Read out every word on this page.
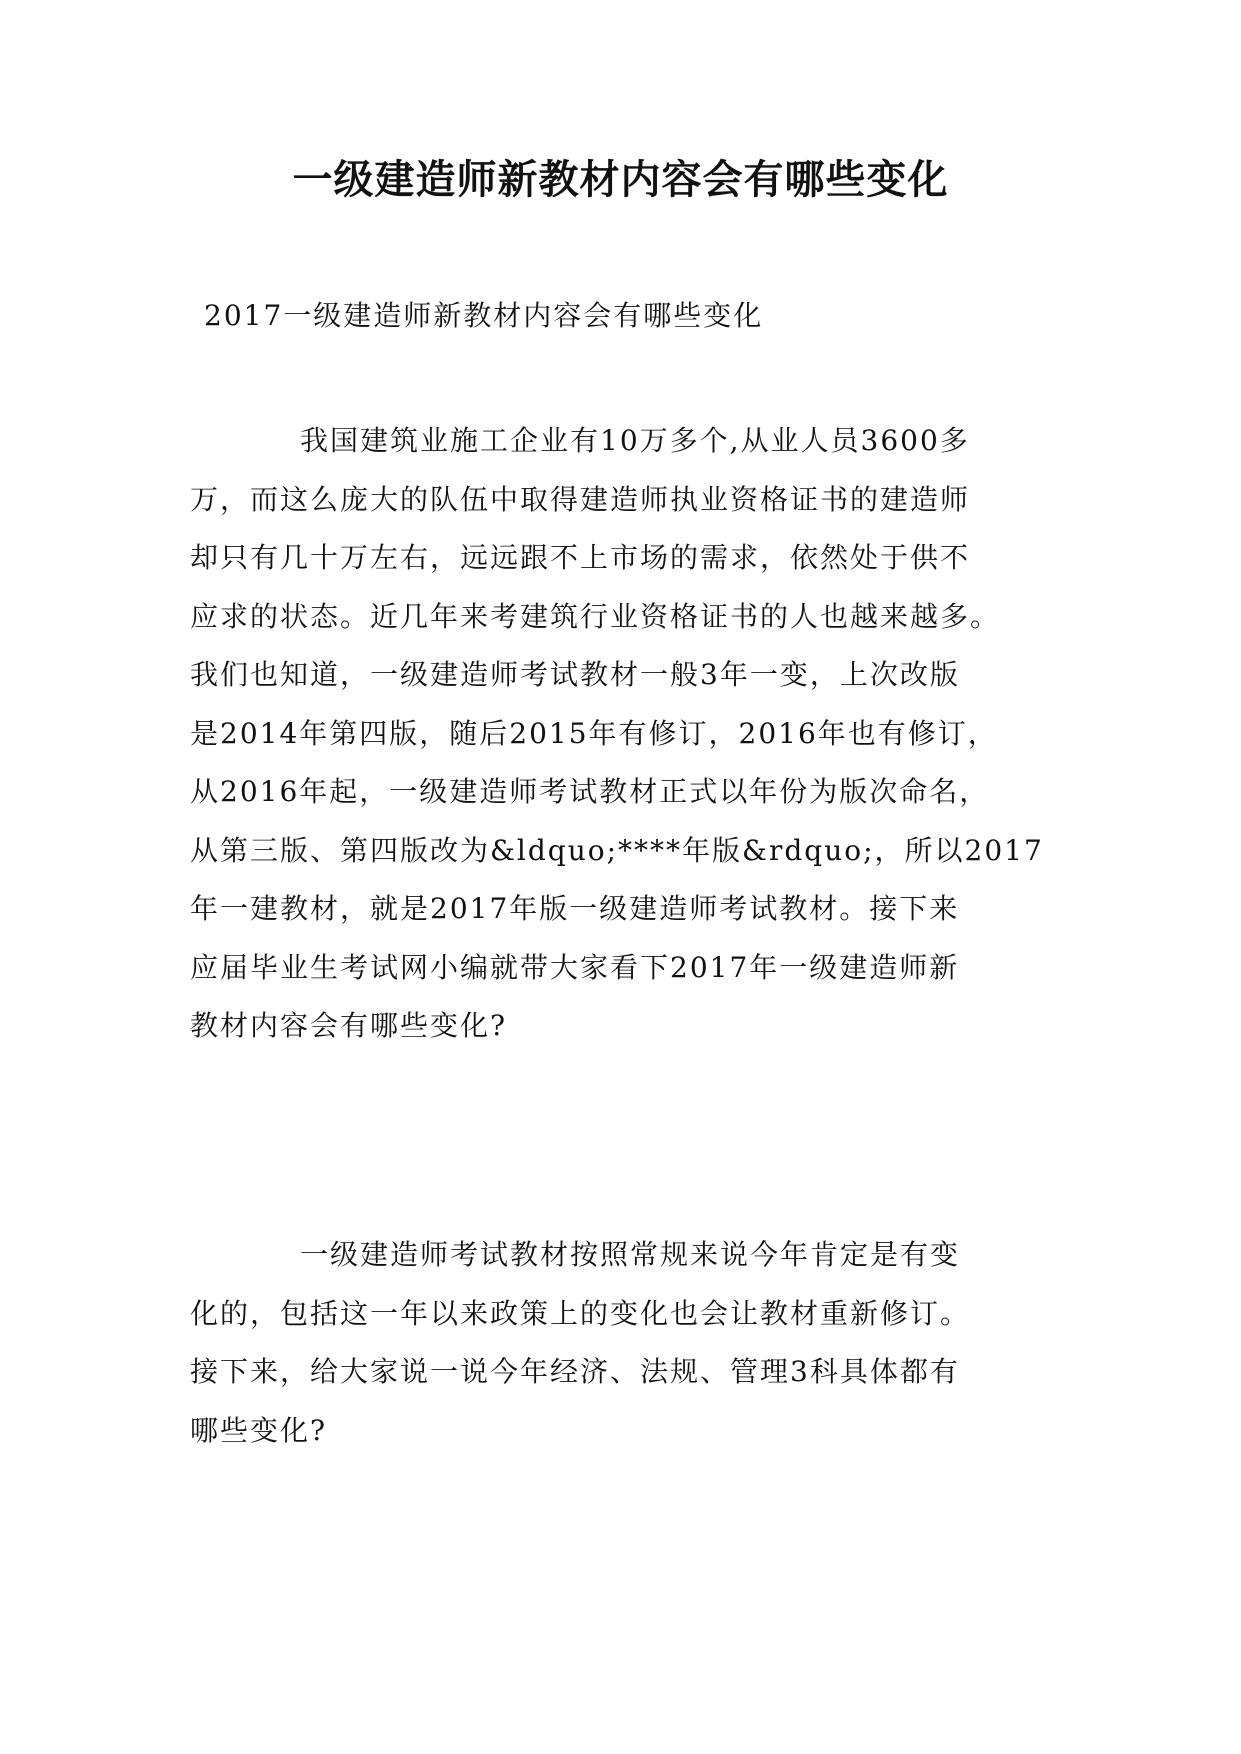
一级建造师新教材内容会有哪些变化

2017一级建造师新教材内容会有哪些变化

我国建筑业施工企业有10万多个,从业人员3600多
万，而这么庞大的队伍中取得建造师执业资格证书的建造师
却只有几十万左右，远远跟不上市场的需求，依然处于供不
应求的状态。近几年来考建筑行业资格证书的人也越来越多。
我们也知道，一级建造师考试教材一般3年一变，上次改版
是2014年第四版，随后2015年有修订，2016年也有修订，
从2016年起，一级建造师考试教材正式以年份为版次命名，
从第三版、第四版改为&ldquo;****年版&rdquo;，所以2017
年一建教材，就是2017年版一级建造师考试教材。接下来
应届毕业生考试网小编就带大家看下2017年一级建造师新
教材内容会有哪些变化?
一级建造师考试教材按照常规来说今年肯定是有变
化的，包括这一年以来政策上的变化也会让教材重新修订。
接下来，给大家说一说今年经济、法规、管理3科具体都有
哪些变化?
